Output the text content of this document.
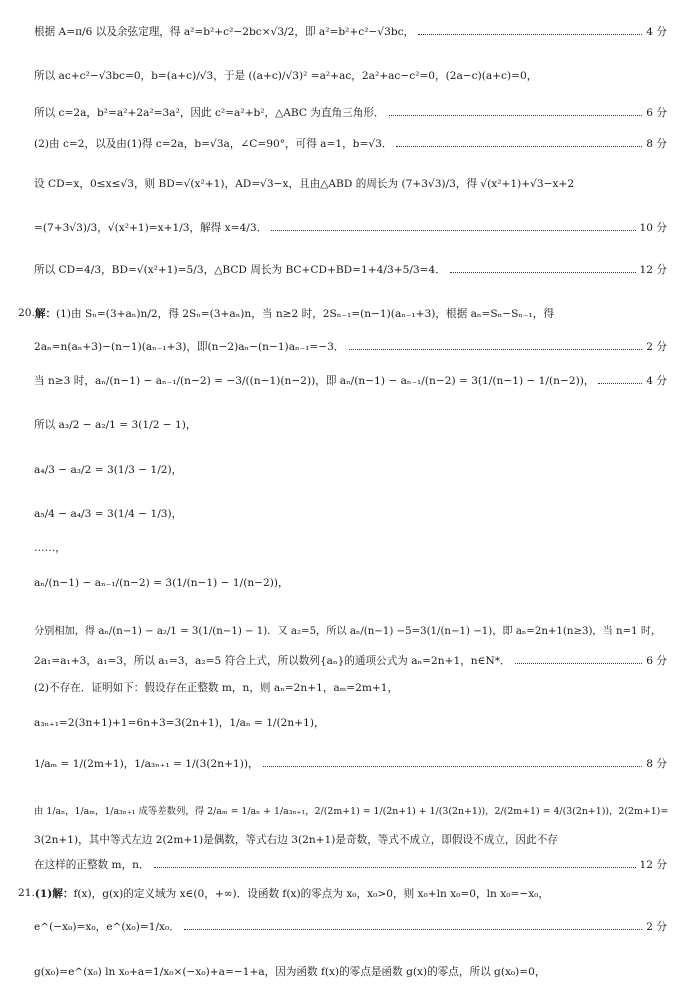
根据 A=π/6 以及余弦定理，得 a²=b²+c²−2bc×√3/2，即 a²=b²+c²−√3bc，	4 分
所以 ac+c²−√3bc=0，b=(a+c)/√3，于是 ((a+c)/√3)² =a²+ac，2a²+ac−c²=0，(2a−c)(a+c)=0，
所以 c=2a，b²=a²+2a²=3a²，因此 c²=a²+b²，△ABC 为直角三角形．	6 分
(2)由 c=2，以及由(1)得 c=2a，b=√3a，∠C=90°，可得 a=1，b=√3．	8 分
设 CD=x，0≤x≤√3，则 BD=√(x²+1)，AD=√3−x，且由△ABD 的周长为 (7+3√3)/3，得 √(x²+1)+√3−x+2
=(7+3√3)/3，√(x²+1)=x+1/3，解得 x=4/3．	10 分
所以 CD=4/3，BD=√(x²+1)=5/3，△BCD 周长为 BC+CD+BD=1+4/3+5/3=4．	12 分
20. 解： (1)由 Sₙ=(3+aₙ)n/2，得 2Sₙ=(3+aₙ)n，当 n≥2 时，2Sₙ₋₁=(n−1)(aₙ₋₁+3)，根据 aₙ=Sₙ−Sₙ₋₁，得
2aₙ=n(aₙ+3)−(n−1)(aₙ₋₁+3)，即(n−2)aₙ−(n−1)aₙ₋₁=−3．	2 分
当 n≥3 时，aₙ/(n−1) − aₙ₋₁/(n−2) = −3/((n−1)(n−2))，即 aₙ/(n−1) − aₙ₋₁/(n−2) = 3(1/(n−1) − 1/(n−2))，	4 分
所以 a₃/2 − a₂/1 = 3(1/2 − 1)，
a₄/3 − a₃/2 = 3(1/3 − 1/2)，
a₅/4 − a₄/3 = 3(1/4 − 1/3)，
……，
aₙ/(n−1) − aₙ₋₁/(n−2) = 3(1/(n−1) − 1/(n−2))，
分别相加，得 aₙ/(n−1) − a₂/1 = 3(1/(n−1) − 1)．又 a₂=5，所以 aₙ/(n−1) −5=3(1/(n−1) −1)，即 aₙ=2n+1(n≥3)，当 n=1 时，
2a₁=a₁+3，a₁=3，所以 a₁=3，a₂=5 符合上式，所以数列{aₙ}的通项公式为 aₙ=2n+1，n∈N*．	6 分
(2)不存在．证明如下：假设存在正整数 m，n，则 aₙ=2n+1，aₘ=2m+1，
a₃ₙ₊₁=2(3n+1)+1=6n+3=3(2n+1)，1/aₙ = 1/(2n+1)，
1/aₘ = 1/(2m+1)，1/a₃ₙ₊₁ = 1/(3(2n+1))，	8 分
由 1/aₙ，1/aₘ，1/a₃ₙ₊₁ 成等差数列，得 2/aₘ = 1/aₙ + 1/a₃ₙ₊₁，2/(2m+1) = 1/(2n+1) + 1/(3(2n+1))，2/(2m+1) = 4/(3(2n+1))，2(2m+1)=
3(2n+1)，其中等式左边 2(2m+1)是偶数，等式右边 3(2n+1)是奇数，等式不成立，即假设不成立，因此不存
在这样的正整数 m，n．	12 分
21. (1)解： f(x)，g(x)的定义域为 x∈(0，+∞)．设函数 f(x)的零点为 x₀，x₀>0，则 x₀+ln x₀=0，ln x₀=−x₀，
e^(−x₀)=x₀，e^(x₀)=1/x₀．	2 分
g(x₀)=e^(x₀) ln x₀+a=1/x₀×(−x₀)+a=−1+a，因为函数 f(x)的零点是函数 g(x)的零点，所以 g(x₀)=0，
